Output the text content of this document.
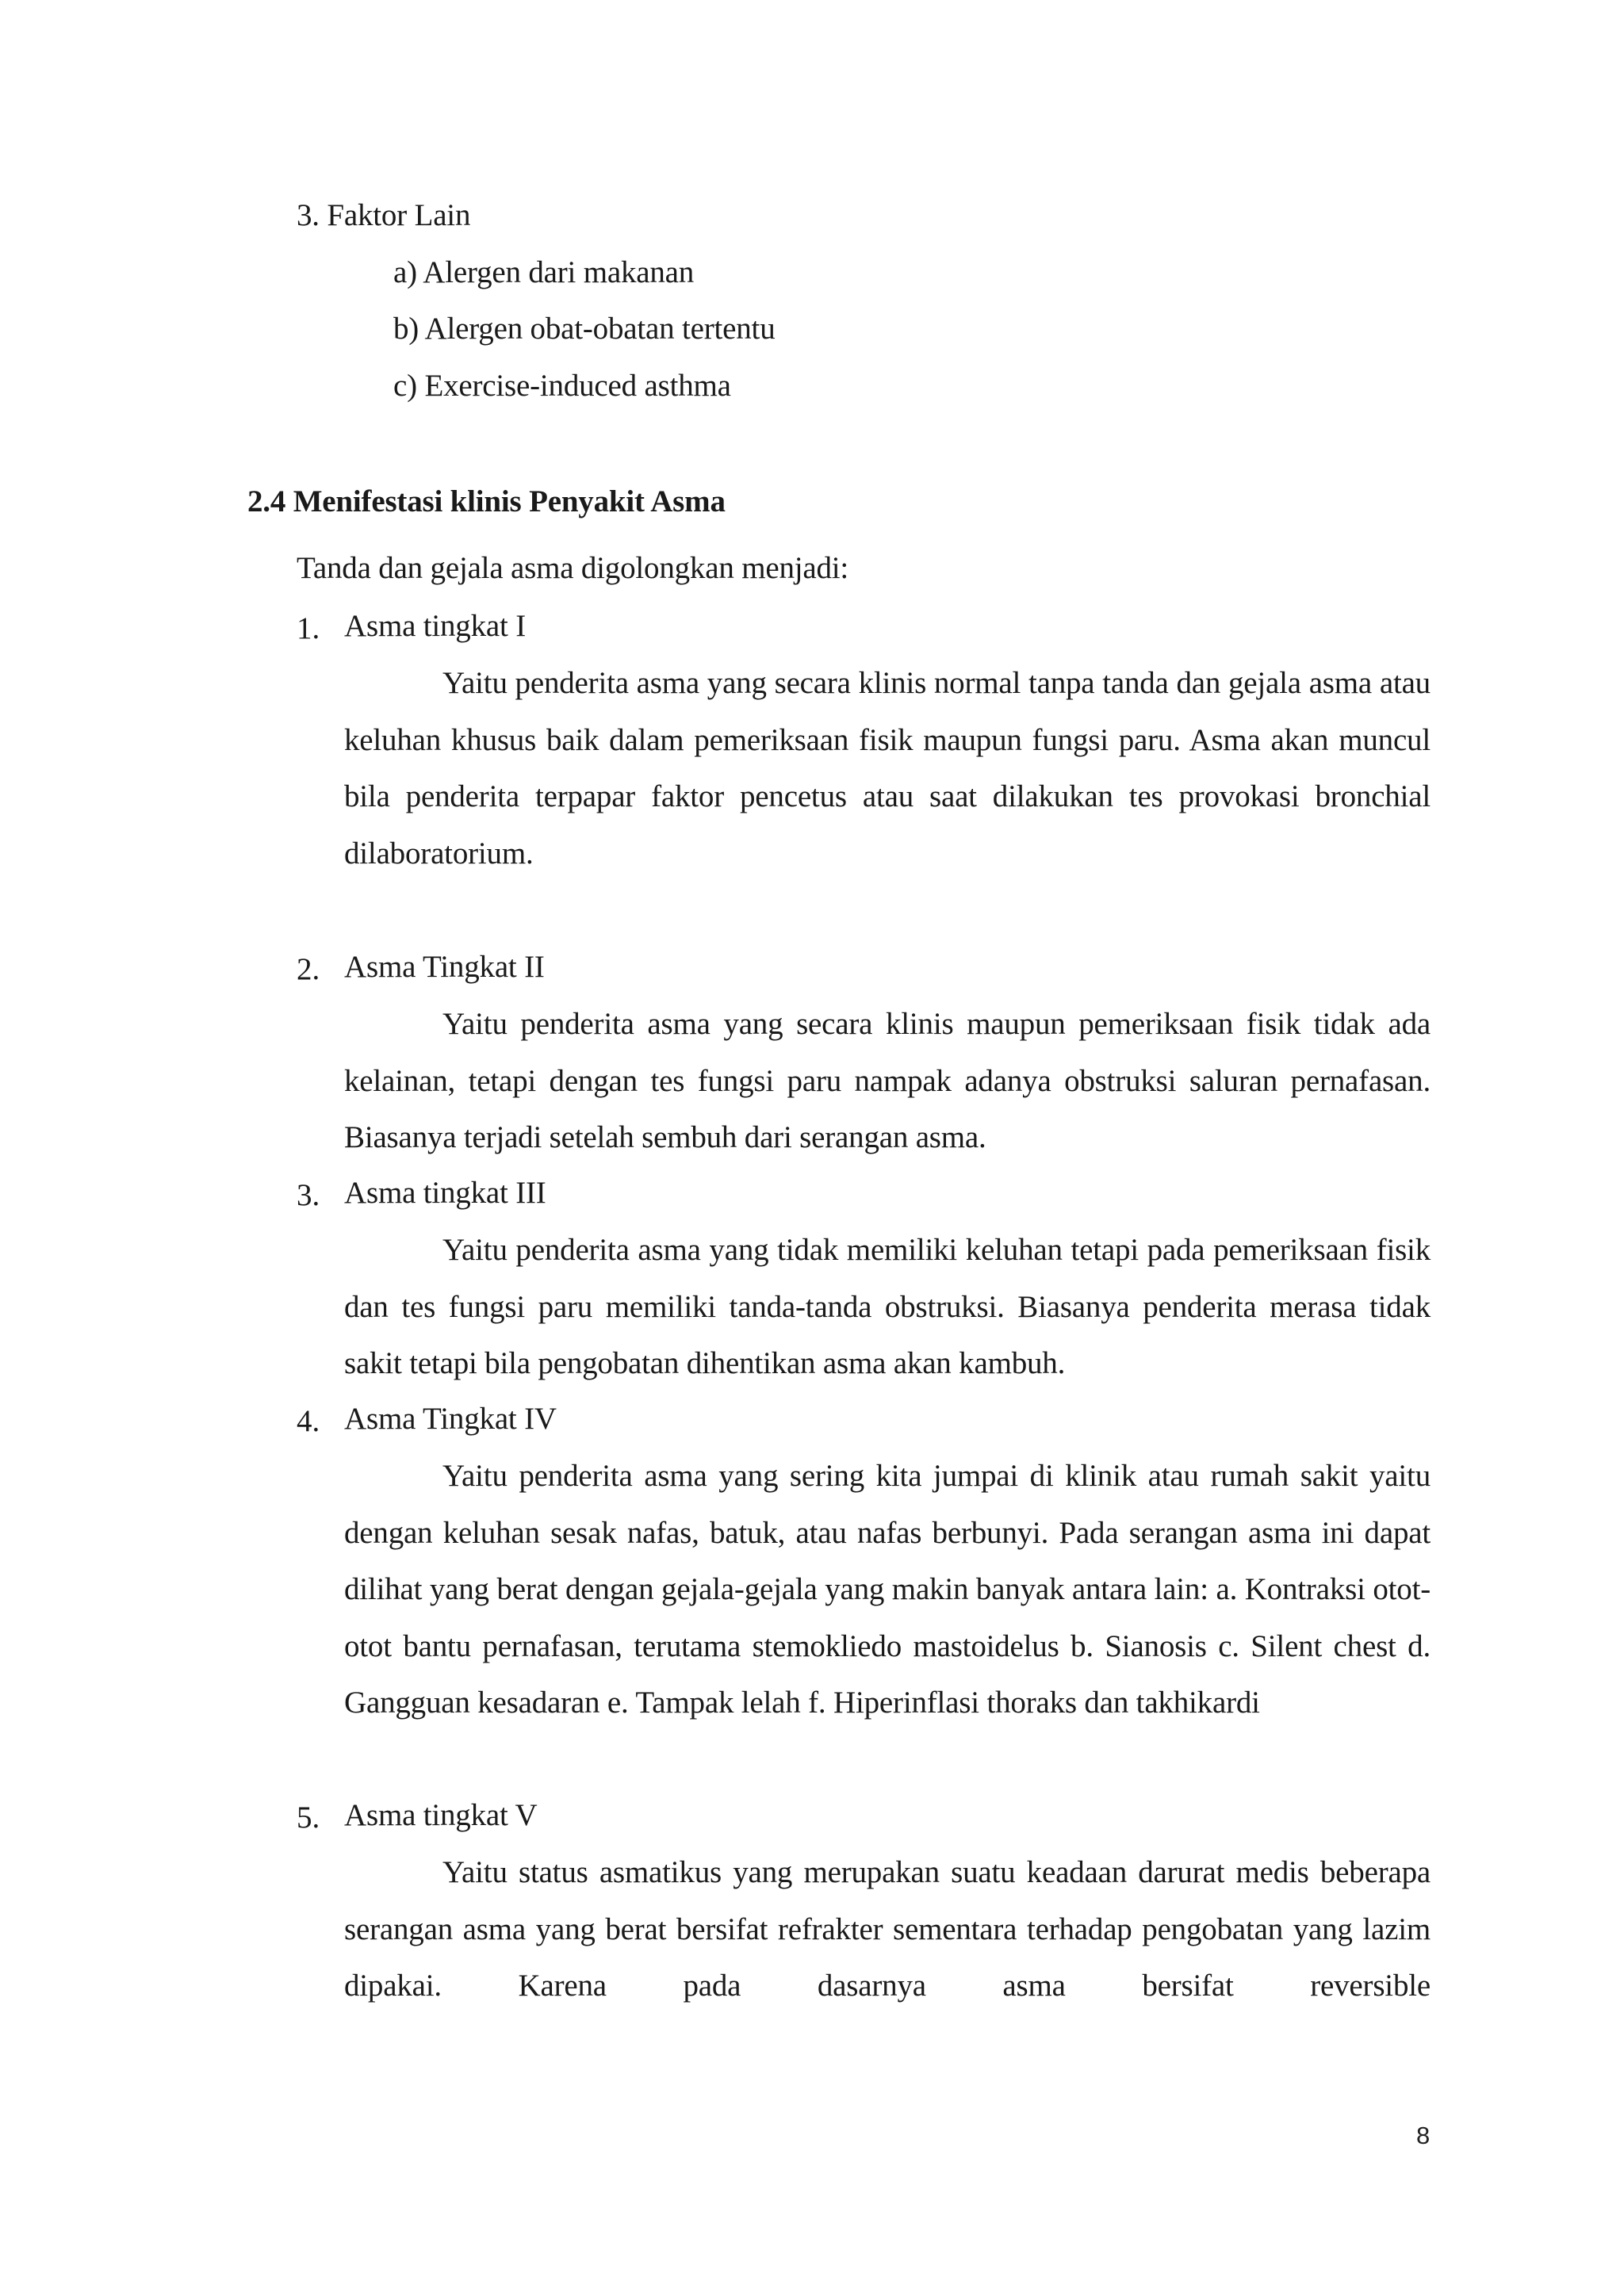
3. Faktor Lain
a) Alergen dari makanan
b) Alergen obat-obatan tertentu
c) Exercise-induced asthma
2.4 Menifestasi klinis Penyakit Asma
Tanda dan gejala asma digolongkan menjadi:
1. Asma tingkat I
Yaitu penderita asma yang secara klinis normal tanpa tanda dan gejala asma atau keluhan khusus baik dalam pemeriksaan fisik maupun fungsi paru. Asma akan muncul bila penderita terpapar faktor pencetus atau saat dilakukan tes provokasi bronchial dilaboratorium.
2. Asma Tingkat II
Yaitu penderita asma yang secara klinis maupun pemeriksaan fisik tidak ada kelainan, tetapi dengan tes fungsi paru nampak adanya obstruksi saluran pernafasan. Biasanya terjadi setelah sembuh dari serangan asma.
3. Asma tingkat III
Yaitu penderita asma yang tidak memiliki keluhan tetapi pada pemeriksaan fisik dan tes fungsi paru memiliki tanda-tanda obstruksi. Biasanya penderita merasa tidak sakit tetapi bila pengobatan dihentikan asma akan kambuh.
4. Asma Tingkat IV
Yaitu penderita asma yang sering kita jumpai di klinik atau rumah sakit yaitu dengan keluhan sesak nafas, batuk, atau nafas berbunyi. Pada serangan asma ini dapat dilihat yang berat dengan gejala-gejala yang makin banyak antara lain: a. Kontraksi otot-otot bantu pernafasan, terutama stemokliedo mastoidelus b. Sianosis c. Silent chest d. Gangguan kesadaran e. Tampak lelah f. Hiperinflasi thoraks dan takhikardi
5. Asma tingkat V
Yaitu status asmatikus yang merupakan suatu keadaan darurat medis beberapa serangan asma yang berat bersifat refrakter sementara terhadap pengobatan yang lazim dipakai. Karena pada dasarnya asma bersifat reversible
8
